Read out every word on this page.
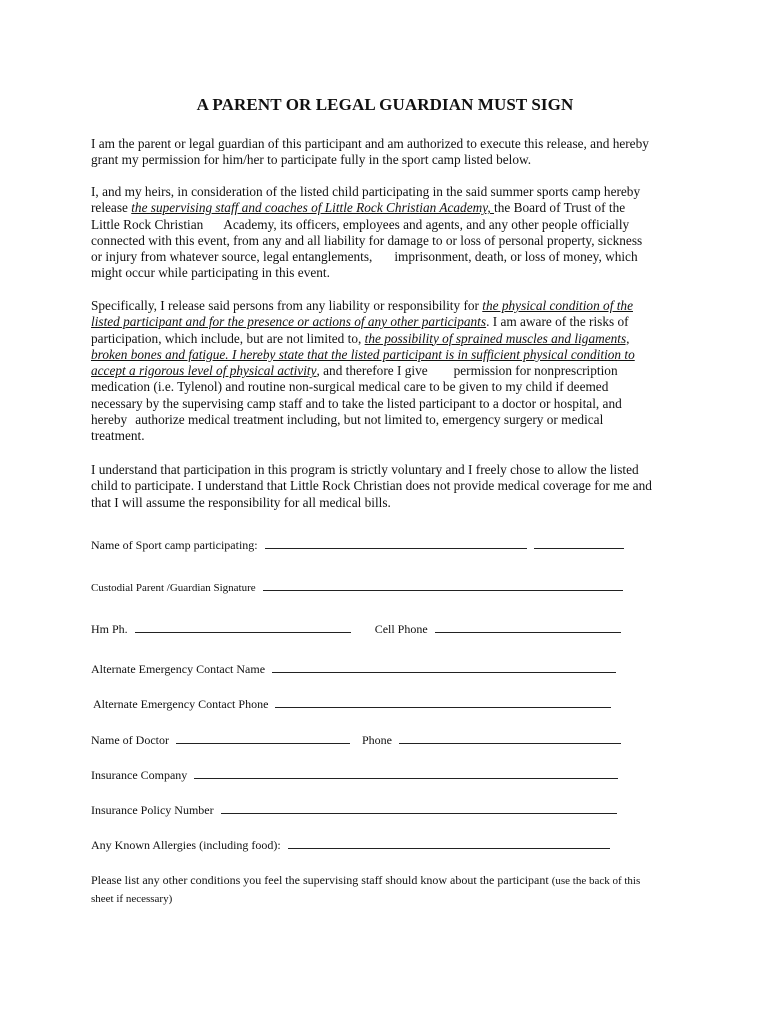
A PARENT OR LEGAL GUARDIAN MUST SIGN
I am the parent or legal guardian of this participant and am authorized to execute this release, and hereby
grant my permission for him/her to participate fully in the sport camp listed below.
I, and my heirs, in consideration of the listed child participating in the said summer sports camp hereby
release the supervising staff and coaches of Little Rock Christian Academy, the Board of Trust of the
Little Rock Christian Academy, its officers, employees and agents, and any other people officially
connected with this event, from any and all liability for damage to or loss of personal property, sickness
or injury from whatever source, legal entanglements, imprisonment, death, or loss of money, which
might occur while participating in this event.
Specifically, I release said persons from any liability or responsibility for the physical condition of the
listed participant and for the presence or actions of any other participants. I am aware of the risks of
participation, which include, but are not limited to, the possibility of sprained muscles and ligaments,
broken bones and fatigue. I hereby state that the listed participant is in sufficient physical condition to
accept a rigorous level of physical activity, and therefore I give permission for nonprescription
medication (i.e. Tylenol) and routine non-surgical medical care to be given to my child if deemed
necessary by the supervising camp staff and to take the listed participant to a doctor or hospital, and
hereby authorize medical treatment including, but not limited to, emergency surgery or medical
treatment.
I understand that participation in this program is strictly voluntary and I freely chose to allow the listed
child to participate. I understand that Little Rock Christian does not provide medical coverage for me and
that I will assume the responsibility for all medical bills.
Name of Sport camp participating:
Custodial Parent /Guardian Signature
Hm Ph.	Cell Phone
Alternate Emergency Contact Name
Alternate Emergency Contact Phone
Name of Doctor	Phone
Insurance Company
Insurance Policy Number
Any Known Allergies (including food):
Please list any other conditions you feel the supervising staff should know about the participant (use the back of this
sheet if necessary)
